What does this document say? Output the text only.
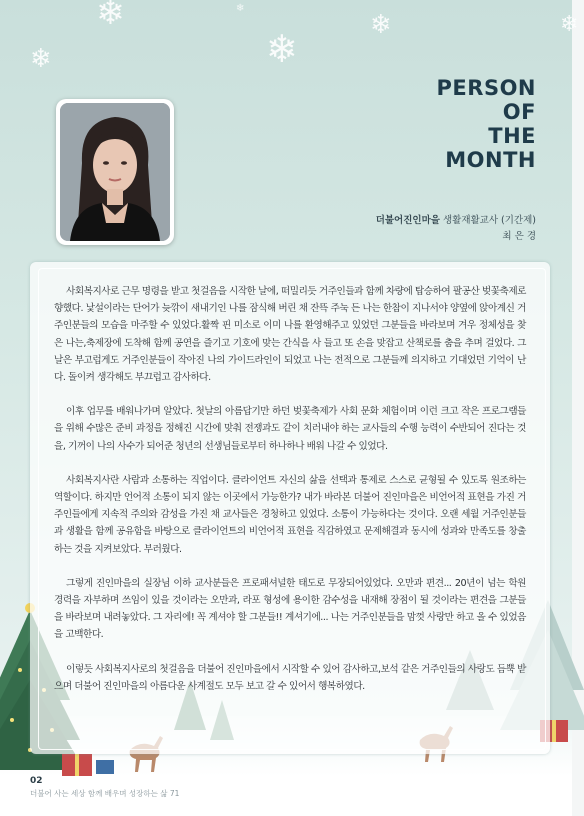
❄
❄	❄
❄	❄
❄
PERSON
OF
THE
MONTH
더불어진인마을 생활재활교사 (기간제)
최 은 경

사회복지사로 근무 명령을 받고 첫걸음을 시작한 날에, 떠밀리듯 거주인들과 함께 차량에 탑승하여 팔공산 벚꽃축제로 향했다. 낯설이라는 단어가 늦깎이 새내기인 나를 잠식해 버린 채 잔뜩 주눅 든 나는 한참이 지나서야 양옆에 앉아계신 거주인분들의 모습을 마주할 수 있었다.활짝 핀 미소로 이미 나를 환영해주고 있었던 그분들을 바라보며 겨우 정체성을 찾은 나는,축제장에 도착해 함께 공연을 즐기고 기호에 맞는 간식을 사 들고 또 손을 맞잡고 산책로를 춤을 추며 걸었다. 그날은 부고럽게도 거주인분들이 작아진 나의 가이드라인이 되었고 나는 전적으로 그분들께 의지하고 기대었던 기억이 난다. 돌이켜 생각해도 부끄럽고 감사하다.

이후 업무를 배워나가며 알았다. 첫날의 아름답기만 하던 벚꽃축제가 사회 문화 체험이며 이런 크고 작은 프로그램들을 위해 수많은 준비 과정을 정해진 시간에 맞춰 전쟁과도 같이 치러내야 하는 교사들의 수행 능력이 수반되어 진다는 것을, 기꺼이 나의 사수가 되어준 청년의 선생님들로부터 하나하나 배워 나갈 수 있었다.

사회복지사란 사람과 소통하는 직업이다. 클라이언트 자신의 삶을 선택과 통제로 스스로 균형될 수 있도록 원조하는 역할이다. 하지만 언어적 소통이 되지 않는 이곳에서 가능한가? 내가 바라본 더불어 진인마을은 비언어적 표현을 가진 거주인들에게 지속적 주의와 감성을 가진 채 교사들은 경청하고 있었다. 소통이 가능하다는 것이다. 오랜 세월 거주인분들과 생활을 함께 공유함을 바탕으로 클라이언트의 비언어적 표현을 직감하였고 문제해결과 동시에 성과와 만족도를 창출하는 것을 지켜보았다. 부러웠다.

그렇게 진인마을의 실장님 이하 교사분들은 프로패셔널한 태도로 무장되어있었다. 오만과 편견... 20년이 넘는 학원 경력을 자부하며 쓰임이 있을 것이라는 오만과, 라포 형성에 용이한 감수성을 내재해 장점이 될 것이라는 편견을 그분들을 바라보며 내려놓았다. 그 자리에! 꼭 계셔야 할 그분들!! 계셔기에... 나는 거주인분들을 맘껏 사랑만 하고 올 수 있었음을 고백한다.

이렇듯 사회복지사로의 첫걸음을 더불어 진인마을에서 시작할 수 있어 감사하고,보석 같은 거주인들의 사랑도 듬뿍 받으며 더불어 진인마을의 아름다운 사계절도 모두 보고 갈 수 있어서 행복하였다.

02
더불어 사는 세상 함께 배우며 성장하는 삶 71
